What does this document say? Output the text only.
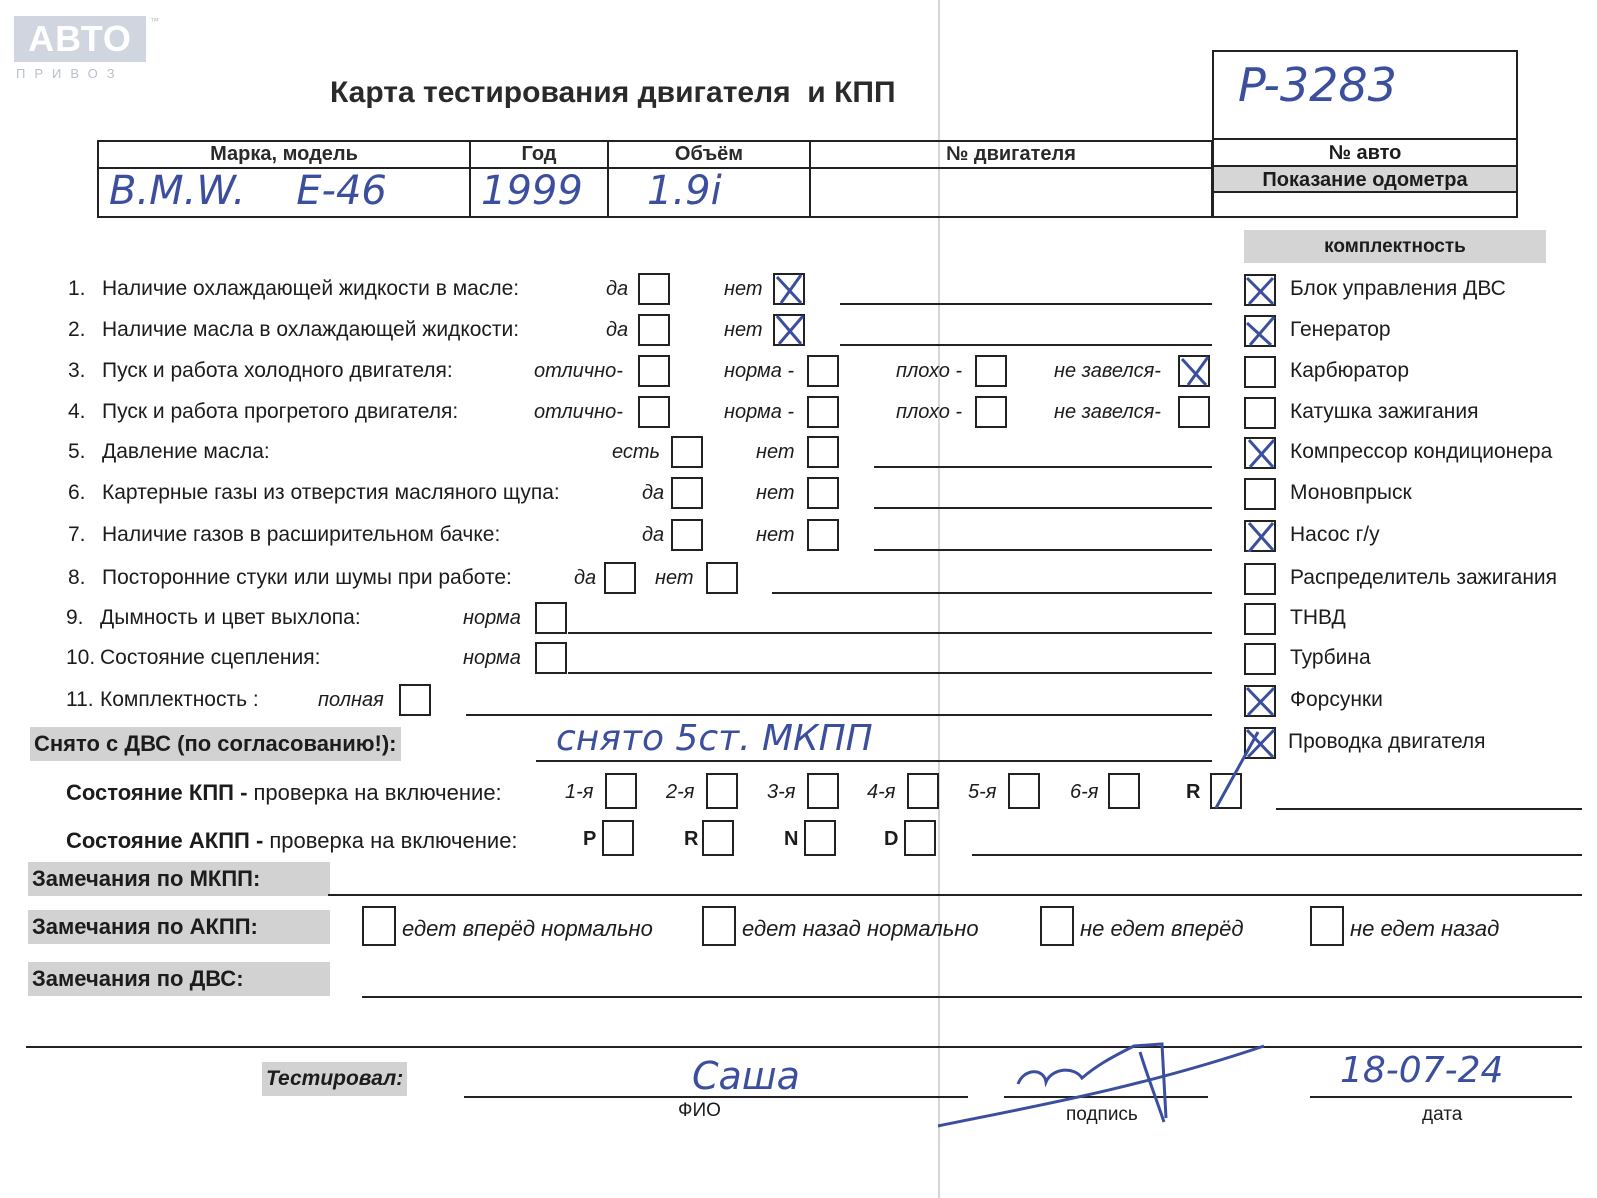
АВТО	™
ПРИВОЗ
Карта тестирования двигателя  и КПП	P-3283
№ авто
Показание одометра
Марка, модель
B.M.W.    E-46
Год
1999
Объём
1.9i
№ двигателя
комплектность
1. Наличие охлаждающей жидкости в масле:	да	нет
2. Наличие масла в охлаждающей жидкости:	да	нет
3. Пуск и работа холодного двигателя:	отлично-	норма -	плохо -	не завелся-
4. Пуск и работа прогретого двигателя:	отлично-	норма -	плохо -	не завелся-
5. Давление масла:	есть	нет
6. Картерные газы из отверстия масляного щупа:	да	нет
7. Наличие газов в расширительном бачке:	да	нет
8. Посторонние стуки или шумы при работе:	да	нет
9. Дымность и цвет выхлопа:	норма
10. Состояние сцепления:	норма
11. Комплектность :	полная
Блок управления ДВС
Генератор
Карбюратор
Катушка зажигания
Компрессор кондиционера
Моновпрыск
Насос г/у
Распределитель зажигания
ТНВД
Турбина
Форсунки
Проводка двигателя
Снято с ДВС (по согласованию!):	снято 5ст. МКПП
Состояние КПП - проверка на включение:	1-я	2-я	3-я	4-я	5-я	6-я	R
Состояние АКПП - проверка на включение:	P	R	N	D
Замечания по МКПП:
Замечания по АКПП:	едет вперёд нормально	едет назад нормально	не едет вперёд	не едет назад
Замечания по ДВС:
Тестировал:	Саша
ФИО	подпись
18-07-24
дата
